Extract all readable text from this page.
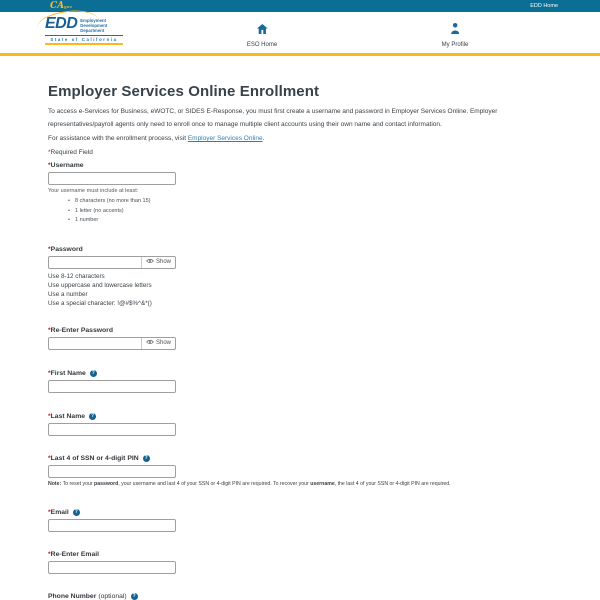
CAgov	EDD Home
EDD Employment
Development
Department
State of California
ESO Home	My Profile
Employer Services Online Enrollment

To access e-Services for Business, eWOTC, or SIDES E-Response, you must first create a username and password in Employer Services Online. Employer representatives/payroll agents only need to enroll once to manage multiple client accounts using their own name and contact information.

For assistance with the enrollment process, visit Employer Services Online.

*Required Field

* Username
Your username must include at least:
• 8 characters (no more than 15)
• 1 letter (no accents)
• 1 number
* Password
Show
Use 8-12 characters
Use uppercase and lowercase letters
Use a number
Use a special character: !@#$%^&*()
* Re-Enter Password
Show
* First Name	?
* Last Name	?
* Last 4 of SSN or 4-digit PIN	?
Note: To reset your password, your username and last 4 of your SSN or 4-digit PIN are required. To recover your username, the last 4 of your SSN or 4-digit PIN are required.
* Email	?
* Re-Enter Email
Phone Number (optional)	?
